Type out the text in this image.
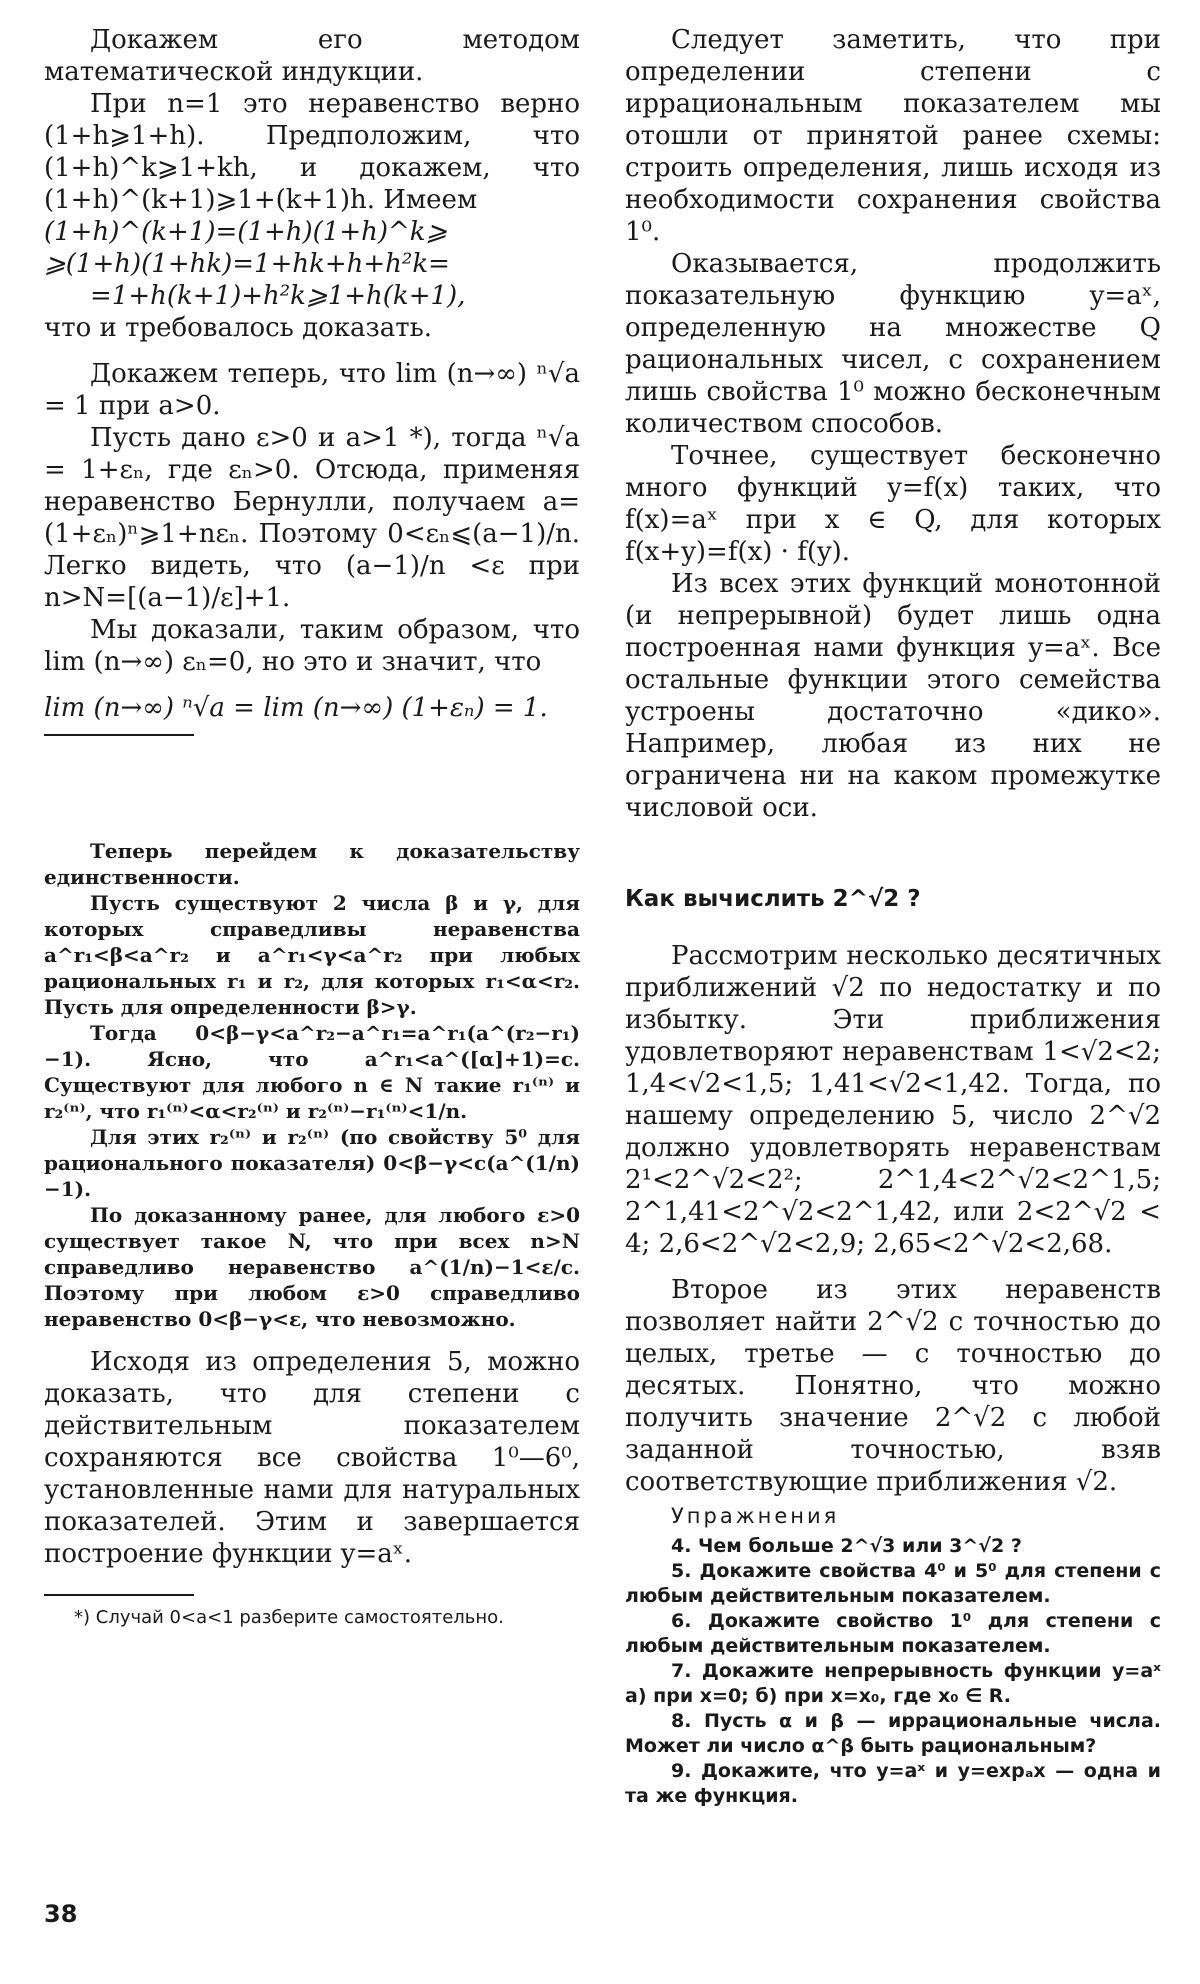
Докажем его методом математической индукции.

При n=1 это неравенство верно (1+h⩾1+h). Предположим, что (1+h)^k⩾1+kh, и докажем, что (1+h)^(k+1)⩾1+(k+1)h. Имеем

(1+h)^(k+1)=(1+h)(1+h)^k⩾
⩾(1+h)(1+hk)=1+hk+h+h²k=
=1+h(k+1)+h²k⩾1+h(k+1),

что и требовалось доказать.

Докажем теперь, что lim (n→∞) ⁿ√a = 1 при a>0.

Пусть дано ε>0 и a>1 *), тогда ⁿ√a = 1+εₙ, где εₙ>0. Отсюда, применяя неравенство Бернулли, получаем a=(1+εₙ)ⁿ⩾1+nεₙ. Поэтому 0<εₙ⩽(a−1)/n. Легко видеть, что (a−1)/n <ε при n>N=[(a−1)/ε]+1.

Мы доказали, таким образом, что lim (n→∞) εₙ=0, но это и значит, что

lim (n→∞) ⁿ√a = lim (n→∞) (1+εₙ) = 1.

Теперь перейдем к доказательству единственности.

Пусть существуют 2 числа β и γ, для которых справедливы неравенства a^r₁<β<a^r₂ и a^r₁<γ<a^r₂ при любых рациональных r₁ и r₂, для которых r₁<α<r₂. Пусть для определенности β>γ.

Тогда 0<β−γ<a^r₂−a^r₁=a^r₁(a^(r₂−r₁)−1). Ясно, что a^r₁<a^([α]+1)=c. Существуют для любого n ∈ N такие r₁⁽ⁿ⁾ и r₂⁽ⁿ⁾, что r₁⁽ⁿ⁾<α<r₂⁽ⁿ⁾ и r₂⁽ⁿ⁾−r₁⁽ⁿ⁾<1/n.

Для этих r₂⁽ⁿ⁾ и r₂⁽ⁿ⁾ (по свойству 5⁰ для рационального показателя) 0<β−γ<c(a^(1/n)−1).

По доказанному ранее, для любого ε>0 существует такое N, что при всех n>N справедливо неравенство a^(1/n)−1<ε/c. Поэтому при любом ε>0 справедливо неравенство 0<β−γ<ε, что невозможно.

Исходя из определения 5, можно доказать, что для степени с действительным показателем сохраняются все свойства 1⁰—6⁰, установленные нами для натуральных показателей. Этим и завершается построение функции y=aˣ.

*) Случай 0<a<1 разберите самостоятельно.

Следует заметить, что при определении степени с иррациональным показателем мы отошли от принятой ранее схемы: строить определения, лишь исходя из необходимости сохранения свойства 1⁰.

Оказывается, продолжить показательную функцию y=aˣ, определенную на множестве Q рациональных чисел, с сохранением лишь свойства 1⁰ можно бесконечным количеством способов.

Точнее, существует бесконечно много функций y=f(x) таких, что f(x)=aˣ при x ∈ Q, для которых f(x+y)=f(x) · f(y).

Из всех этих функций монотонной (и непрерывной) будет лишь одна построенная нами функция y=aˣ. Все остальные функции этого семейства устроены достаточно «дико». Например, любая из них не ограничена ни на каком промежутке числовой оси.

Как вычислить 2^√2 ?

Рассмотрим несколько десятичных приближений √2 по недостатку и по избытку. Эти приближения удовлетворяют неравенствам 1<√2<2; 1,4<√2<1,5; 1,41<√2<1,42. Тогда, по нашему определению 5, число 2^√2 должно удовлетворять неравенствам 2¹<2^√2<2²; 2^1,4<2^√2<2^1,5; 2^1,41<2^√2<2^1,42, или 2<2^√2 < 4; 2,6<2^√2<2,9; 2,65<2^√2<2,68.

Второе из этих неравенств позволяет найти 2^√2 с точностью до целых, третье — с точностью до десятых. Понятно, что можно получить значение 2^√2 с любой заданной точностью, взяв соответствующие приближения √2.

Упражнения

4. Чем больше 2^√3 или 3^√2 ?

5. Докажите свойства 4⁰ и 5⁰ для степени с любым действительным показателем.

6. Докажите свойство 1⁰ для степени с любым действительным показателем.

7. Докажите непрерывность функции y=aˣ а) при x=0; б) при x=x₀, где x₀ ∈ R.

8. Пусть α и β — иррациональные числа. Может ли число α^β быть рациональным?

9. Докажите, что y=aˣ и y=expₐx — одна и та же функция.

38
